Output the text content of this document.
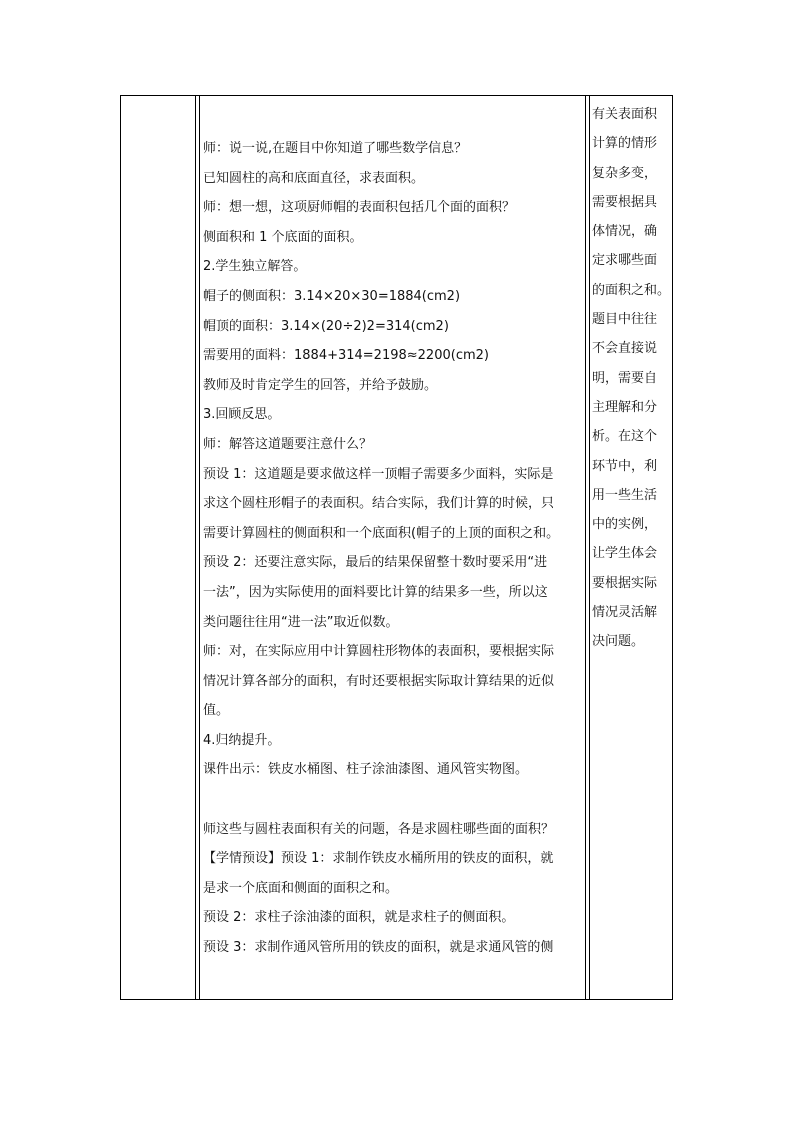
师：说一说,在题目中你知道了哪些数学信息？
已知圆柱的高和底面直径，求表面积。
师：想一想，这项厨师帽的表面积包括几个面的面积？
侧面积和 1 个底面的面积。
2.学生独立解答。
帽子的侧面积：3.14×20×30=1884(cm2)
帽顶的面积：3.14×(20÷2)2=314(cm2)
需要用的面料：1884+314=2198≈2200(cm2)
教师及时肯定学生的回答，并给予鼓励。
3.回顾反思。
师：解答这道题要注意什么？
预设 1：这道题是要求做这样一顶帽子需要多少面料，实际是
求这个圆柱形帽子的表面积。结合实际，我们计算的时候，只
需要计算圆柱的侧面积和一个底面积(帽子的上顶的面积之和。
预设 2：还要注意实际，最后的结果保留整十数时要采用“进
一法”，因为实际使用的面料要比计算的结果多一些，所以这
类问题往往用“进一法”取近似数。
师：对，在实际应用中计算圆柱形物体的表面积，要根据实际
情况计算各部分的面积，有时还要根据实际取计算结果的近似
值。
4.归纳提升。
课件出示：铁皮水桶图、柱子涂油漆图、通风管实物图。
师这些与圆柱表面积有关的问题，各是求圆柱哪些面的面积？
【学情预设】预设 1：求制作铁皮水桶所用的铁皮的面积，就
是求一个底面和侧面的面积之和。
预设 2：求柱子涂油漆的面积，就是求柱子的侧面积。
预设 3：求制作通风管所用的铁皮的面积，就是求通风管的侧
有关表面积
计算的情形
复杂多变，
需要根据具
体情况，确
定求哪些面
的面积之和。
题目中往往
不会直接说
明，需要自
主理解和分
析。在这个
环节中，利
用一些生活
中的实例，
让学生体会
要根据实际
情况灵活解
决问题。
